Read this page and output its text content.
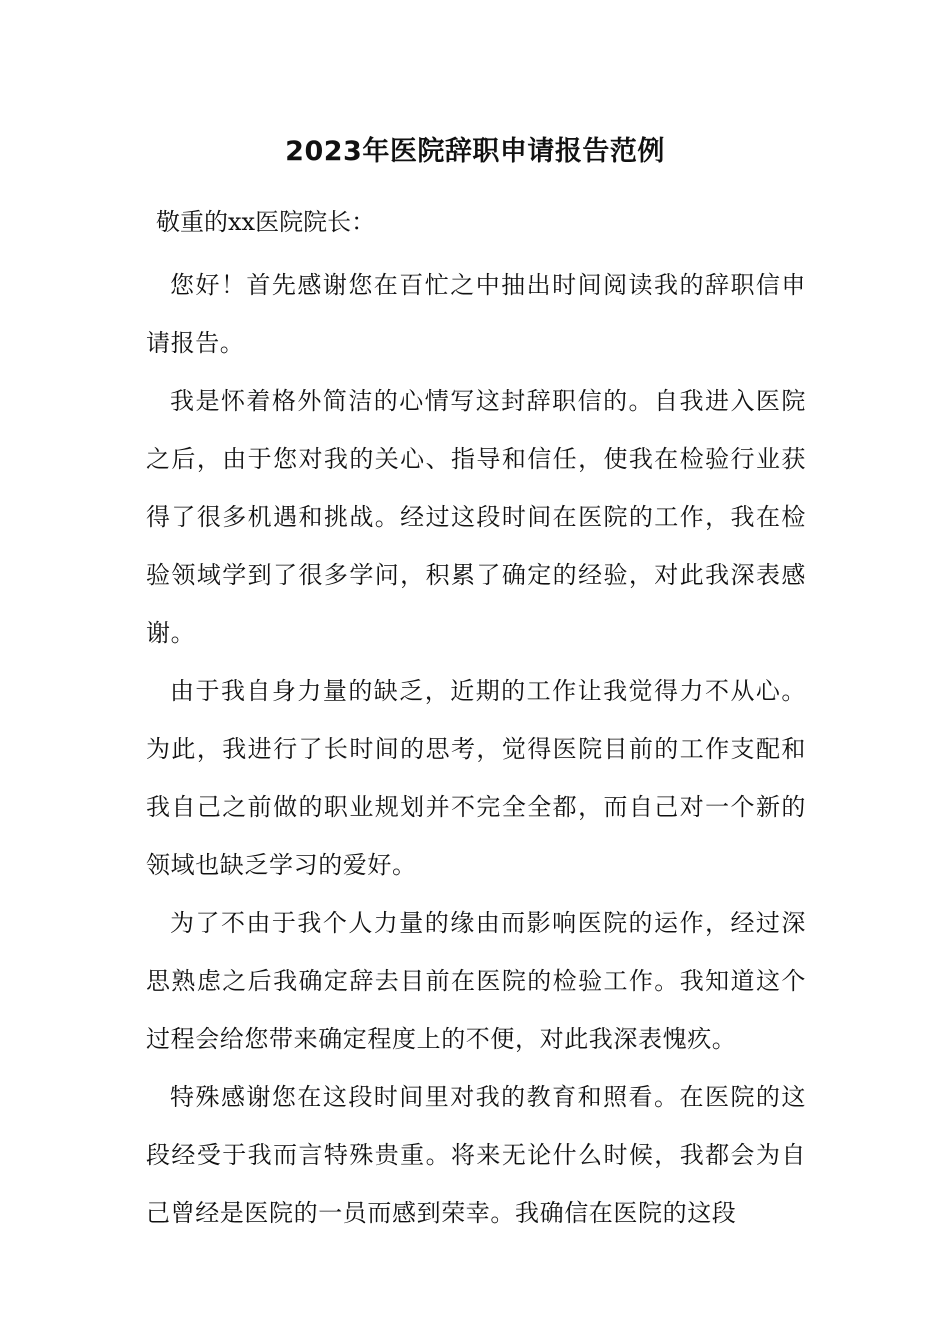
2023年医院辞职申请报告范例

敬重的xx医院院长：

您好！首先感谢您在百忙之中抽出时间阅读我的辞职信申请报告。

我是怀着格外简洁的心情写这封辞职信的。自我进入医院之后，由于您对我的关心、指导和信任，使我在检验行业获得了很多机遇和挑战。经过这段时间在医院的工作，我在检验领域学到了很多学问，积累了确定的经验，对此我深表感谢。

由于我自身力量的缺乏，近期的工作让我觉得力不从心。为此，我进行了长时间的思考，觉得医院目前的工作支配和我自己之前做的职业规划并不完全全都，而自己对一个新的领域也缺乏学习的爱好。

为了不由于我个人力量的缘由而影响医院的运作，经过深思熟虑之后我确定辞去目前在医院的检验工作。我知道这个过程会给您带来确定程度上的不便，对此我深表愧疚。

特殊感谢您在这段时间里对我的教育和照看。在医院的这段经受于我而言特殊贵重。将来无论什么时候，我都会为自己曾经是医院的一员而感到荣幸。我确信在医院的这段
